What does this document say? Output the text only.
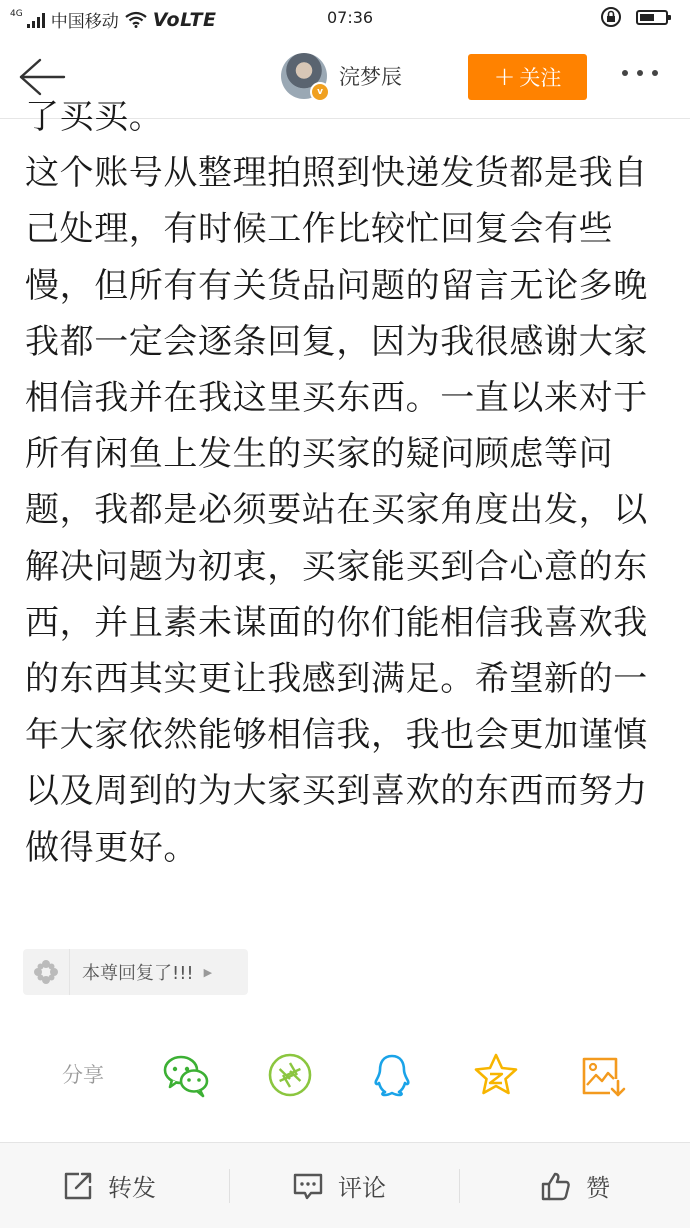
4G 中国移动 VoLTE	07:36
v
浣梦辰	+ 关注

了买买。
这个账号从整理拍照到快递发货都是我自己处理，有时候工作比较忙回复会有些慢，但所有有关货品问题的留言无论多晚我都一定会逐条回复，因为我很感谢大家相信我并在我这里买东西。一直以来对于所有闲鱼上发生的买家的疑问顾虑等问题，我都是必须要站在买家角度出发，以解决问题为初衷，买家能买到合心意的东西，并且素未谋面的你们能相信我喜欢我的东西其实更让我感到满足。希望新的一年大家依然能够相信我，我也会更加谨慎以及周到的为大家买到喜欢的东西而努力做得更好。

本尊回复了!!! ▶
分享
转发	评论	赞
